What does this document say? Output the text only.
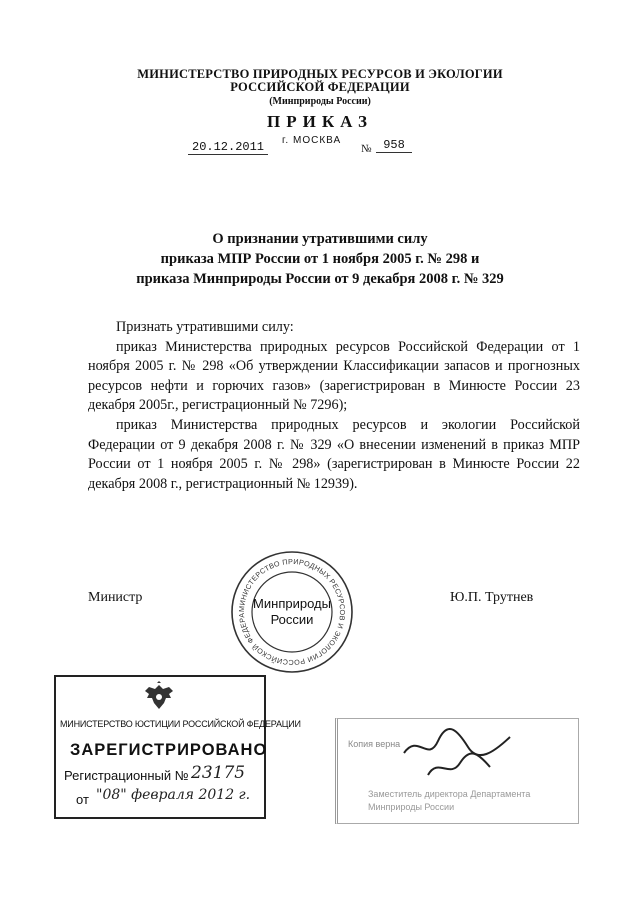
МИНИСТЕРСТВО ПРИРОДНЫХ РЕСУРСОВ И ЭКОЛОГИИ
РОССИЙСКОЙ ФЕДЕРАЦИИ
(Минприроды России)
ПРИКАЗ
20.12.2011	г. МОСКВА
№ 958
О признании утратившими силу
приказа МПР России от 1 ноября 2005 г. № 298 и
приказа Минприроды России от 9 декабря 2008 г. № 329

Признать утратившими силу:

приказ Министерства природных ресурсов Российской Федерации от 1 ноября 2005 г. № 298 «Об утверждении Классификации запасов и прогнозных ресурсов нефти и горючих газов» (зарегистрирован в Минюсте России 23 декабря 2005г., регистрационный № 7296);

приказ Министерства природных ресурсов и экологии Российской Федерации от 9 декабря 2008 г. № 329 «О внесении изменений в приказ МПР России от 1 ноября 2005 г. № 298» (зарегистрирован в Минюсте России 22 декабря 2008 г., регистрационный № 12939).

Министр	Ю.П. Трутнев
МИНИСТЕРСТВО ПРИРОДНЫХ РЕСУРСОВ И ЭКОЛОГИИ РОССИЙСКОЙ ФЕДЕРА
Минприроды
России
МИНИСТЕРСТВО ЮСТИЦИИ РОССИЙСКОЙ ФЕДЕРАЦИИ
ЗАРЕГИСТРИРОВАНО
Регистрационный № 23175
от "08" февраля 2012 г.
Копия верна
Заместитель директора Департамента
Минприроды России
